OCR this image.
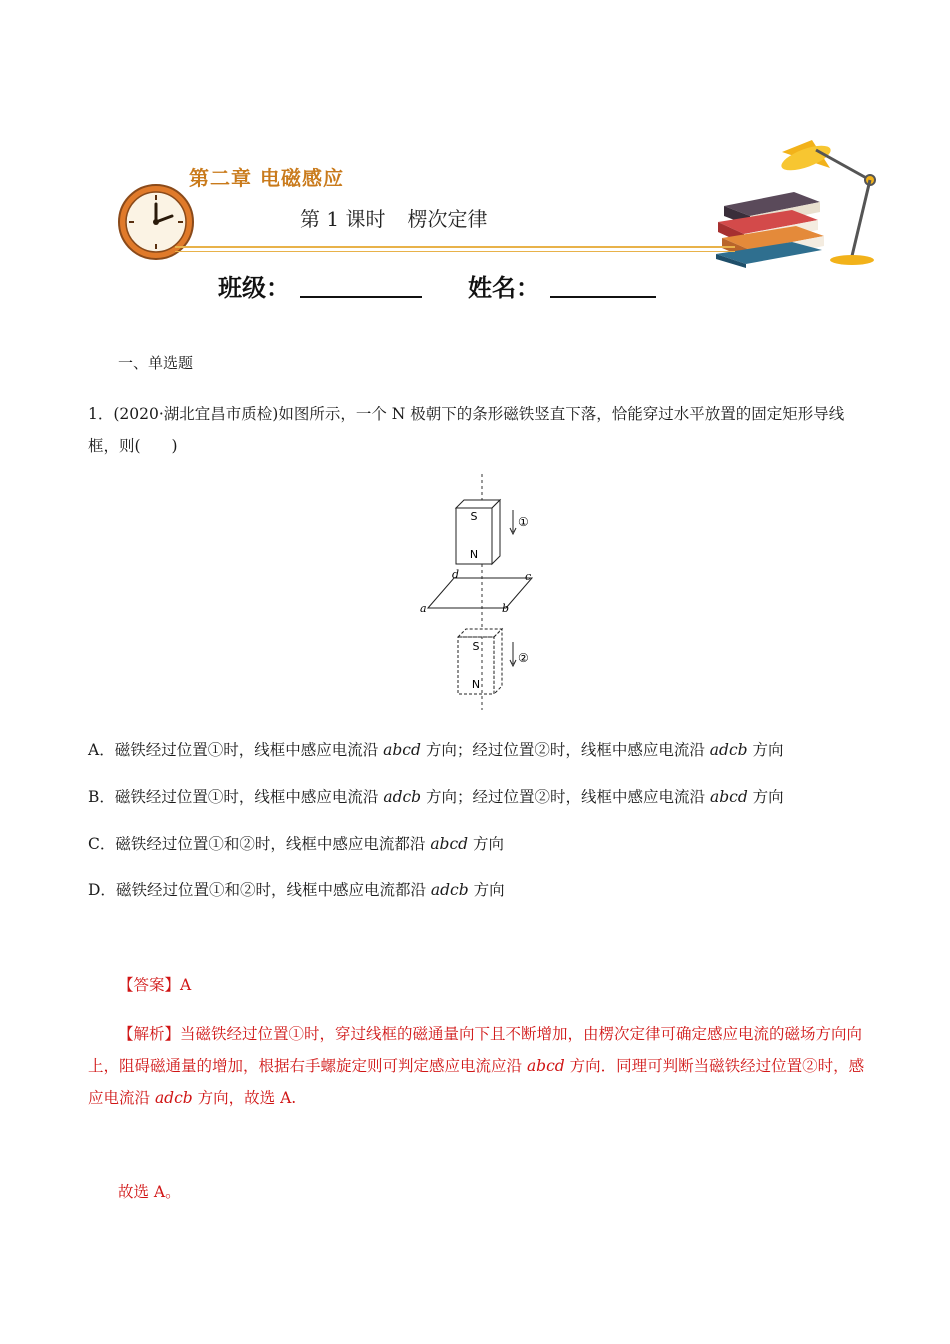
第二章 电磁感应
第 1 课时 楞次定律
班级：	姓名：
一、单选题
1．(2020·湖北宜昌市质检)如图所示，一个 N 极朝下的条形磁铁竖直下落，恰能穿过水平放置的固定矩形导线框，则(　　)
S
N
①
a	b
c
d
S
N
②
A．磁铁经过位置①时，线框中感应电流沿 abcd 方向；经过位置②时，线框中感应电流沿 adcb 方向
B．磁铁经过位置①时，线框中感应电流沿 adcb 方向；经过位置②时，线框中感应电流沿 abcd 方向
C．磁铁经过位置①和②时，线框中感应电流都沿 abcd 方向
D．磁铁经过位置①和②时，线框中感应电流都沿 adcb 方向
【答案】A
【解析】当磁铁经过位置①时，穿过线框的磁通量向下且不断增加，由楞次定律可确定感应电流的磁场方向向上，阻碍磁通量的增加，根据右手螺旋定则可判定感应电流应沿 abcd 方向．同理可判断当磁铁经过位置②时，感应电流沿 adcb 方向，故选 A.
故选 A。
